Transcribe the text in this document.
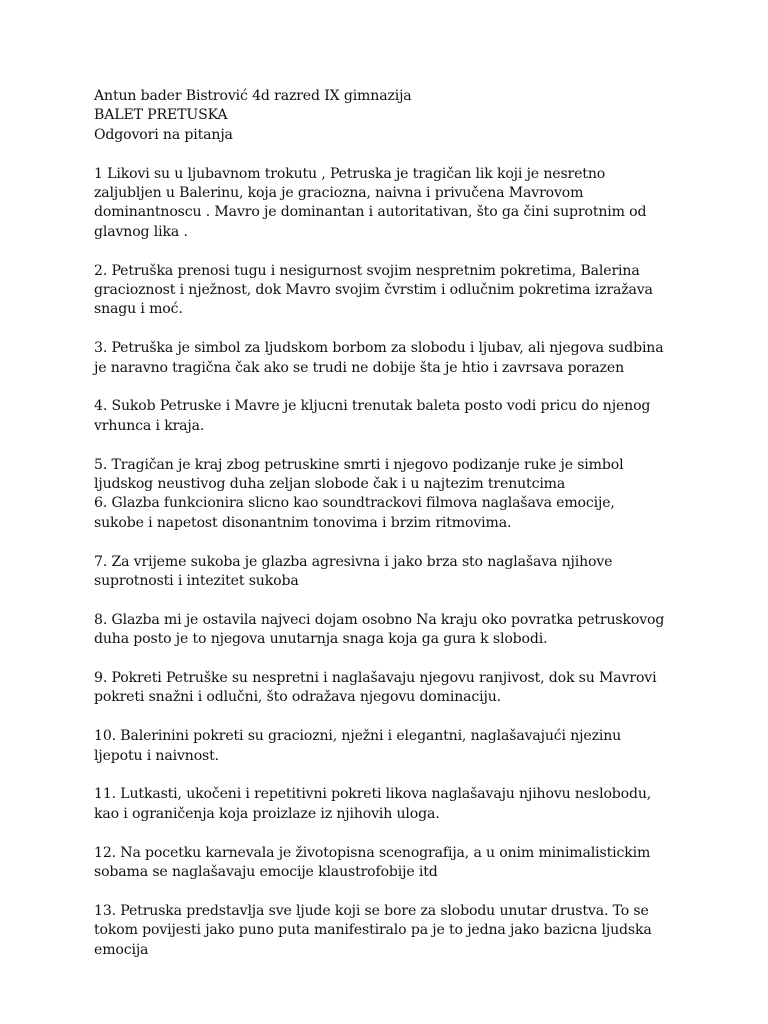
Antun bader Bistrović 4d razred IX gimnazija

BALET PRETUSKA

Odgovori na pitanja

1 Likovi su u ljubavnom trokutu , Petruska je tragičan lik koji je nesretno
zaljubljen u Balerinu, koja je graciozna, naivna i privučena Mavrovom
dominantnoscu . Mavro je dominantan i autoritativan, što ga čini suprotnim od
glavnog lika .

2. Petruška prenosi tugu i nesigurnost svojim nespretnim pokretima, Balerina
gracioznost i nježnost, dok Mavro svojim čvrstim i odlučnim pokretima izražava
snagu i moć.

3. Petruška je simbol za ljudskom borbom za slobodu i ljubav, ali njegova sudbina
je naravno tragična čak ako se trudi ne dobije šta je htio i zavrsava porazen

4. Sukob Petruske i Mavre je kljucni trenutak baleta posto vodi pricu do njenog
vrhunca i kraja.

5. Tragičan je kraj zbog petruskine smrti i njegovo podizanje ruke je simbol
ljudskog neustivog duha zeljan slobode čak i u najtezim trenutcima
6. Glazba funkcionira slicno kao soundtrackovi filmova naglašava emocije,
sukobe i napetost disonantnim tonovima i brzim ritmovima.

7. Za vrijeme sukoba je glazba agresivna i jako brza sto naglašava njihove
suprotnosti i intezitet sukoba

8. Glazba mi je ostavila najveci dojam osobno Na kraju oko povratka petruskovog
duha posto je to njegova unutarnja snaga koja ga gura k slobodi.

9. Pokreti Petruške su nespretni i naglašavaju njegovu ranjivost, dok su Mavrovi
pokreti snažni i odlučni, što odražava njegovu dominaciju.

10. Balerinini pokreti su graciozni, nježni i elegantni, naglašavajući njezinu
ljepotu i naivnost.

11. Lutkasti, ukočeni i repetitivni pokreti likova naglašavaju njihovu neslobodu,
kao i ograničenja koja proizlaze iz njihovih uloga.

12. Na pocetku karnevala je životopisna scenografija, a u onim minimalistickim
sobama se naglašavaju emocije klaustrofobije itd

13. Petruska predstavlja sve ljude koji se bore za slobodu unutar drustva. To se
tokom povijesti jako puno puta manifestiralo pa je to jedna jako bazicna ljudska
emocija
